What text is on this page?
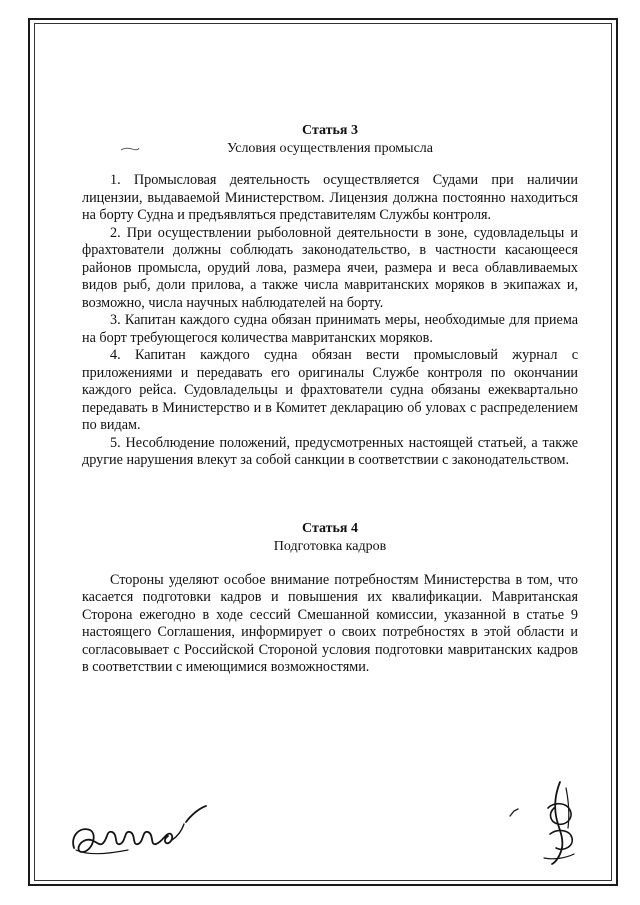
Статья 3
Условия осуществления промысла

1. Промысловая деятельность осуществляется Судами при наличии лицензии, выдаваемой Министерством. Лицензия должна постоянно находиться на борту Судна и предъявляться представителям Службы контроля.

2. При осуществлении рыболовной деятельности в зоне, судовладельцы и фрахтователи должны соблюдать законодательство, в частности касающееся районов промысла, орудий лова, размера ячеи, размера и веса облавливаемых видов рыб, доли прилова, а также числа мавританских моряков в экипажах и, возможно, числа научных наблюдателей на борту.

3. Капитан каждого судна обязан принимать меры, необходимые для приема на борт требующегося количества мавританских моряков.

4. Капитан каждого судна обязан вести промысловый журнал с приложениями и передавать его оригиналы Службе контроля по окончании каждого рейса. Судовладельцы и фрахтователи судна обязаны ежеквартально передавать в Министерство и в Комитет декларацию об уловах с распределением по видам.

5. Несоблюдение положений, предусмотренных настоящей статьей, а также другие нарушения влекут за собой санкции в соответствии с законодательством.

Статья 4
Подготовка кадров

Стороны уделяют особое внимание потребностям Министерства в том, что касается подготовки кадров и повышения их квалификации. Мавританская Сторона ежегодно в ходе сессий Смешанной комиссии, указанной в статье 9 настоящего Соглашения, информирует о своих потребностях в этой области и согласовывает с Российской Стороной условия подготовки мавританских кадров в соответствии с имеющимися возможностями.
